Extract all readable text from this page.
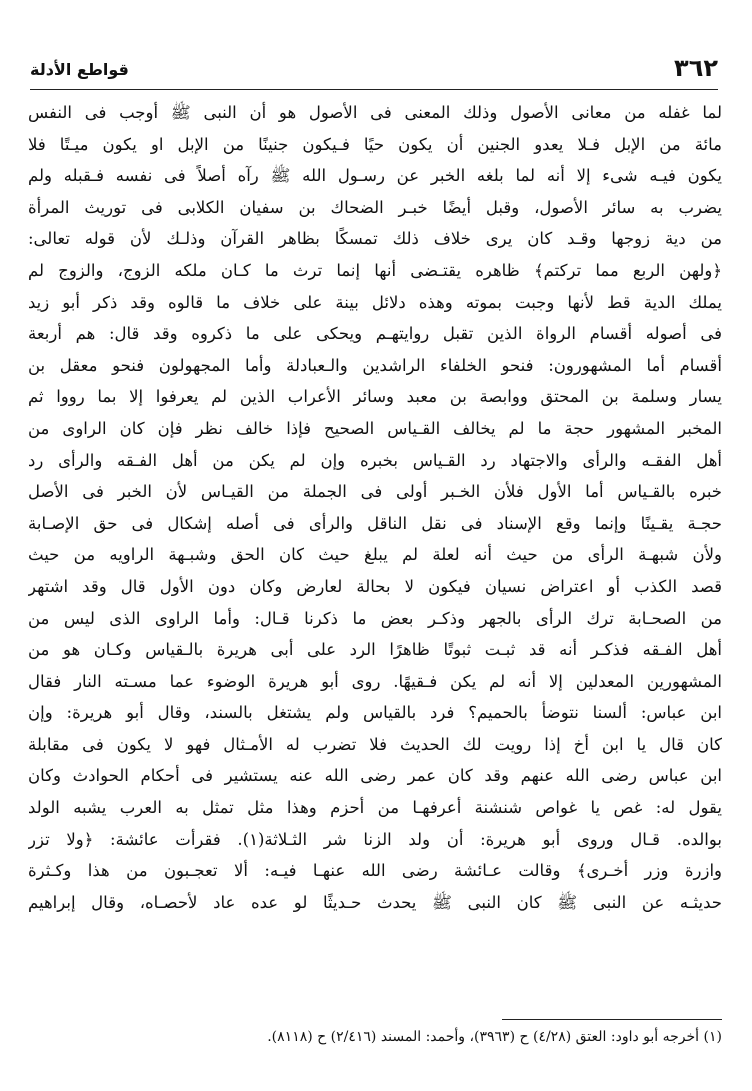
٣٦٢
قواطع الأدلة
لما غفله من معانى الأصول وذلك المعنى فى الأصول هو أن النبى ﷺ أوجب فى النفس
مائة من الإبل فـلا يعدو الجنين أن يكون حيًا فـيكون جنينًا من الإبل او يكون ميـتًا فلا
يكون فيـه شىء إلا أنه لما بلغه الخبر عن رسـول الله ﷺ رآه أصلاً فى نفسه فـقبله ولم
يضرب به سائر الأصول، وقبل أيضًا خبـر الضحاك بن سفيان الكلابى فى توريث المرأة
من دية زوجها وقـد كان يرى خلاف ذلك تمسكًا بظاهر القرآن وذلـك لأن قوله تعالى:
﴿ولهن الربع مما تركتم﴾ ظاهره يقتـضى أنها إنما ترث ما كـان ملكه الزوج، والزوج لم
يملك الدية قط لأنها وجبت بموته وهذه دلائل بينة على خلاف ما قالوه وقد ذكر أبو زيد
فى أصوله أقسام الرواة الذين تقبل روايتهـم ويحكى على ما ذكروه وقد قال: هم أربعة
أقسام أما المشهورون: فنحو الخلفاء الراشدين والـعبادلة وأما المجهولون فنحو معقل بن
يسار وسلمة بن المحتق ووابصة بن معبد وسائر الأعراب الذين لم يعرفوا إلا بما رووا ثم
المخبر المشهور حجة ما لم يخالف القـياس الصحيح فإذا خالف نظر فإن كان الراوى من
أهل الفقـه والرأى والاجتهاد رد القـياس بخبره وإن لم يكن من أهل الفـقه والرأى رد
خبره بالقـياس أما الأول فلأن الخـبر أولى فى الجملة من القيـاس لأن الخبر فى الأصل
حجـة يقـينًا وإنما وقع الإسناد فى نقل الناقل والرأى فى أصله إشكال فى حق الإصـابة
ولأن شبهـة الرأى من حيث أنه لعلة لم يبلغ حيث كان الحق وشبـهة الراويه من حيث
قصد الكذب أو اعتراض نسيان فيكون لا بحالة لعارض وكان دون الأول قال وقد اشتهر
من الصحـابة ترك الرأى بالجهر وذكـر بعض ما ذكرنا قـال: وأما الراوى الذى ليس من
أهل الفـقه فذكـر أنه قد ثبـت ثبوتًا ظاهرًا الرد على أبى هريرة بالـقياس وكـان هو من
المشهورين المعدلين إلا أنه لم يكن فـقيهًا. روى أبو هريرة الوضوء عما مسـته النار فقال
ابن عباس: ألسنا نتوضأ بالحميم؟ فرد بالقياس ولم يشتغل بالسند، وقال أبو هريرة: وإن
كان قال يا ابن أخ إذا رويت لك الحديث فلا تضرب له الأمـثال فهو لا يكون فى مقابلة
ابن عباس رضى الله عنهم وقد كان عمر رضى الله عنه يستشير فى أحكام الحوادث وكان
يقول له: غص يا غواص شنشنة أعرفهـا من أحزم وهذا مثل تمثل به العرب يشبه الولد
بوالده. قـال وروى أبو هريرة: أن ولد الزنا شر الثـلاثة(١). فقرأت عائشة: ﴿ولا تزر
وازرة وزر أخـرى﴾ وقالت عـائشة رضى الله عنهـا فيـه: ألا تعجـبون من هذا وكـثرة
حديثـه عن النبى ﷺ كان النبى ﷺ يحدث حـديثًا لو عده عاد لأحصـاه، وقال إبراهيم
(١) أخرجه أبو داود: العتق (٤/٢٨) ح (٣٩٦٣)، وأحمد: المسند (٢/٤١٦) ح (٨١١٨).
